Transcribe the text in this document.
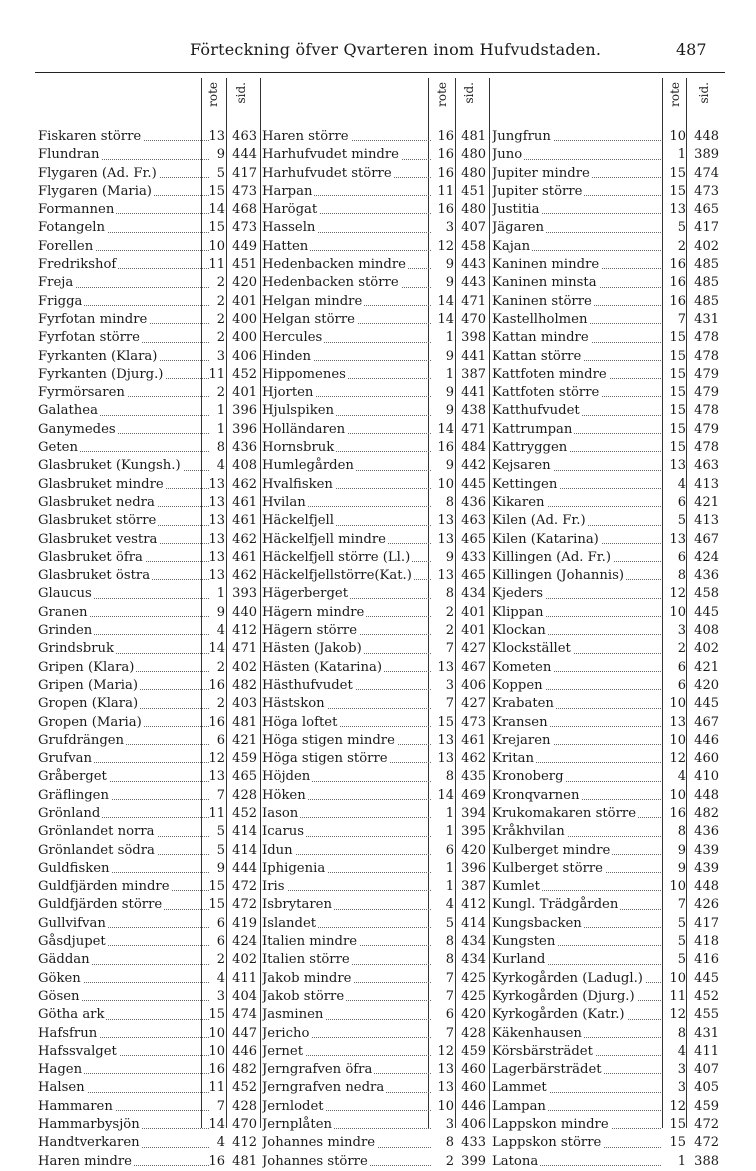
Förteckning öfver Qvarteren inom Hufvudstaden.	487
rote sid.	rote sid.	rote sid.
Fiskaren större	13 463 Haren större	16 481 Jungfrun	10 448
Flundran	9 444 Harhufvudet mindre	16 480 Juno	1 389
Flygaren (Ad. Fr.)	5 417 Harhufvudet större	16 480 Jupiter mindre	15 474
Flygaren (Maria)	15 473 Harpan	11 451 Jupiter större	15 473
Formannen	14 468 Harögat	16 480 Justitia	13 465
Fotangeln	15 473 Hasseln	3 407 Jägaren	5 417
Forellen	10 449 Hatten	12 458 Kajan	2 402
Fredrikshof	11 451 Hedenbacken mindre	9 443 Kaninen mindre	16 485
Freja	2 420 Hedenbacken större	9 443 Kaninen minsta	16 485
Frigga	2 401 Helgan mindre	14 471 Kaninen större	16 485
Fyrfotan mindre	2 400 Helgan större	14 470 Kastellholmen	7 431
Fyrfotan större	2 400 Hercules	1 398 Kattan mindre	15 478
Fyrkanten (Klara)	3 406 Hinden	9 441 Kattan större	15 478
Fyrkanten (Djurg.)	11 452 Hippomenes	1 387 Kattfoten mindre	15 479
Fyrmörsaren	2 401 Hjorten	9 441 Kattfoten större	15 479
Galathea	1 396 Hjulspiken	9 438 Katthufvudet	15 478
Ganymedes	1 396 Holländaren	14 471 Kattrumpan	15 479
Geten	8 436 Hornsbruk	16 484 Kattryggen	15 478
Glasbruket (Kungsh.)	4 408 Humlegården	9 442 Kejsaren	13 463
Glasbruket mindre	13 462 Hvalfisken	10 445 Kettingen	4 413
Glasbruket nedra	13 461 Hvilan	8 436 Kikaren	6 421
Glasbruket större	13 461 Häckelfjell	13 463 Kilen (Ad. Fr.)	5 413
Glasbruket vestra	13 462 Häckelfjell mindre	13 465 Kilen (Katarina)	13 467
Glasbruket öfra	13 461 Häckelfjell större (Ll.)	9 433 Killingen (Ad. Fr.)	6 424
Glasbruket östra	13 462 Häckelfjellstörre(Kat.)	13 465 Killingen (Johannis)	8 436
Glaucus	1 393 Hägerberget	8 434 Kjeders	12 458
Granen	9 440 Hägern mindre	2 401 Klippan	10 445
Grinden	4 412 Hägern större	2 401 Klockan	3 408
Grindsbruk	14 471 Hästen (Jakob)	7 427 Klockstället	2 402
Gripen (Klara)	2 402 Hästen (Katarina)	13 467 Kometen	6 421
Gripen (Maria)	16 482 Hästhufvudet	3 406 Koppen	6 420
Gropen (Klara)	2 403 Hästskon	7 427 Krabaten	10 445
Gropen (Maria)	16 481 Höga loftet	15 473 Kransen	13 467
Grufdrängen	6 421 Höga stigen mindre	13 461 Krejaren	10 446
Grufvan	12 459 Höga stigen större	13 462 Kritan	12 460
Gråberget	13 465 Höjden	8 435 Kronoberg	4 410
Gräflingen	7 428 Höken	14 469 Kronqvarnen	10 448
Grönland	11 452 Iason	1 394 Krukomakaren större	16 482
Grönlandet norra	5 414 Icarus	1 395 Kråkhvilan	8 436
Grönlandet södra	5 414 Idun	6 420 Kulberget mindre	9 439
Guldfisken	9 444 Iphigenia	1 396 Kulberget större	9 439
Guldfjärden mindre	15 472 Iris	1 387 Kumlet	10 448
Guldfjärden större	15 472 Isbrytaren	4 412 Kungl. Trädgården	7 426
Gullvifvan	6 419 Islandet	5 414 Kungsbacken	5 417
Gåsdjupet	6 424 Italien mindre	8 434 Kungsten	5 418
Gäddan	2 402 Italien större	8 434 Kurland	5 416
Göken	4 411 Jakob mindre	7 425 Kyrkogården (Ladugl.)	10 445
Gösen	3 404 Jakob större	7 425 Kyrkogården (Djurg.)	11 452
Götha ark	15 474 Jasminen	6 420 Kyrkogården (Katr.)	12 455
Hafsfrun	10 447 Jericho	7 428 Käkenhausen	8 431
Hafssvalget	10 446 Jernet	12 459 Körsbärsträdet	4 411
Hagen	16 482 Jerngrafven öfra	13 460 Lagerbärsträdet	3 407
Halsen	11 452 Jerngrafven nedra	13 460 Lammet	3 405
Hammaren	7 428 Jernlodet	10 446 Lampan	12 459
Hammarbysjön	14 470 Jernplåten	3 406 Lappskon mindre	15 472
Handtverkaren	4 412 Johannes mindre	8 433 Lappskon större	15 472
Haren mindre	16 481 Johannes större	2 399 Latona	1 388
